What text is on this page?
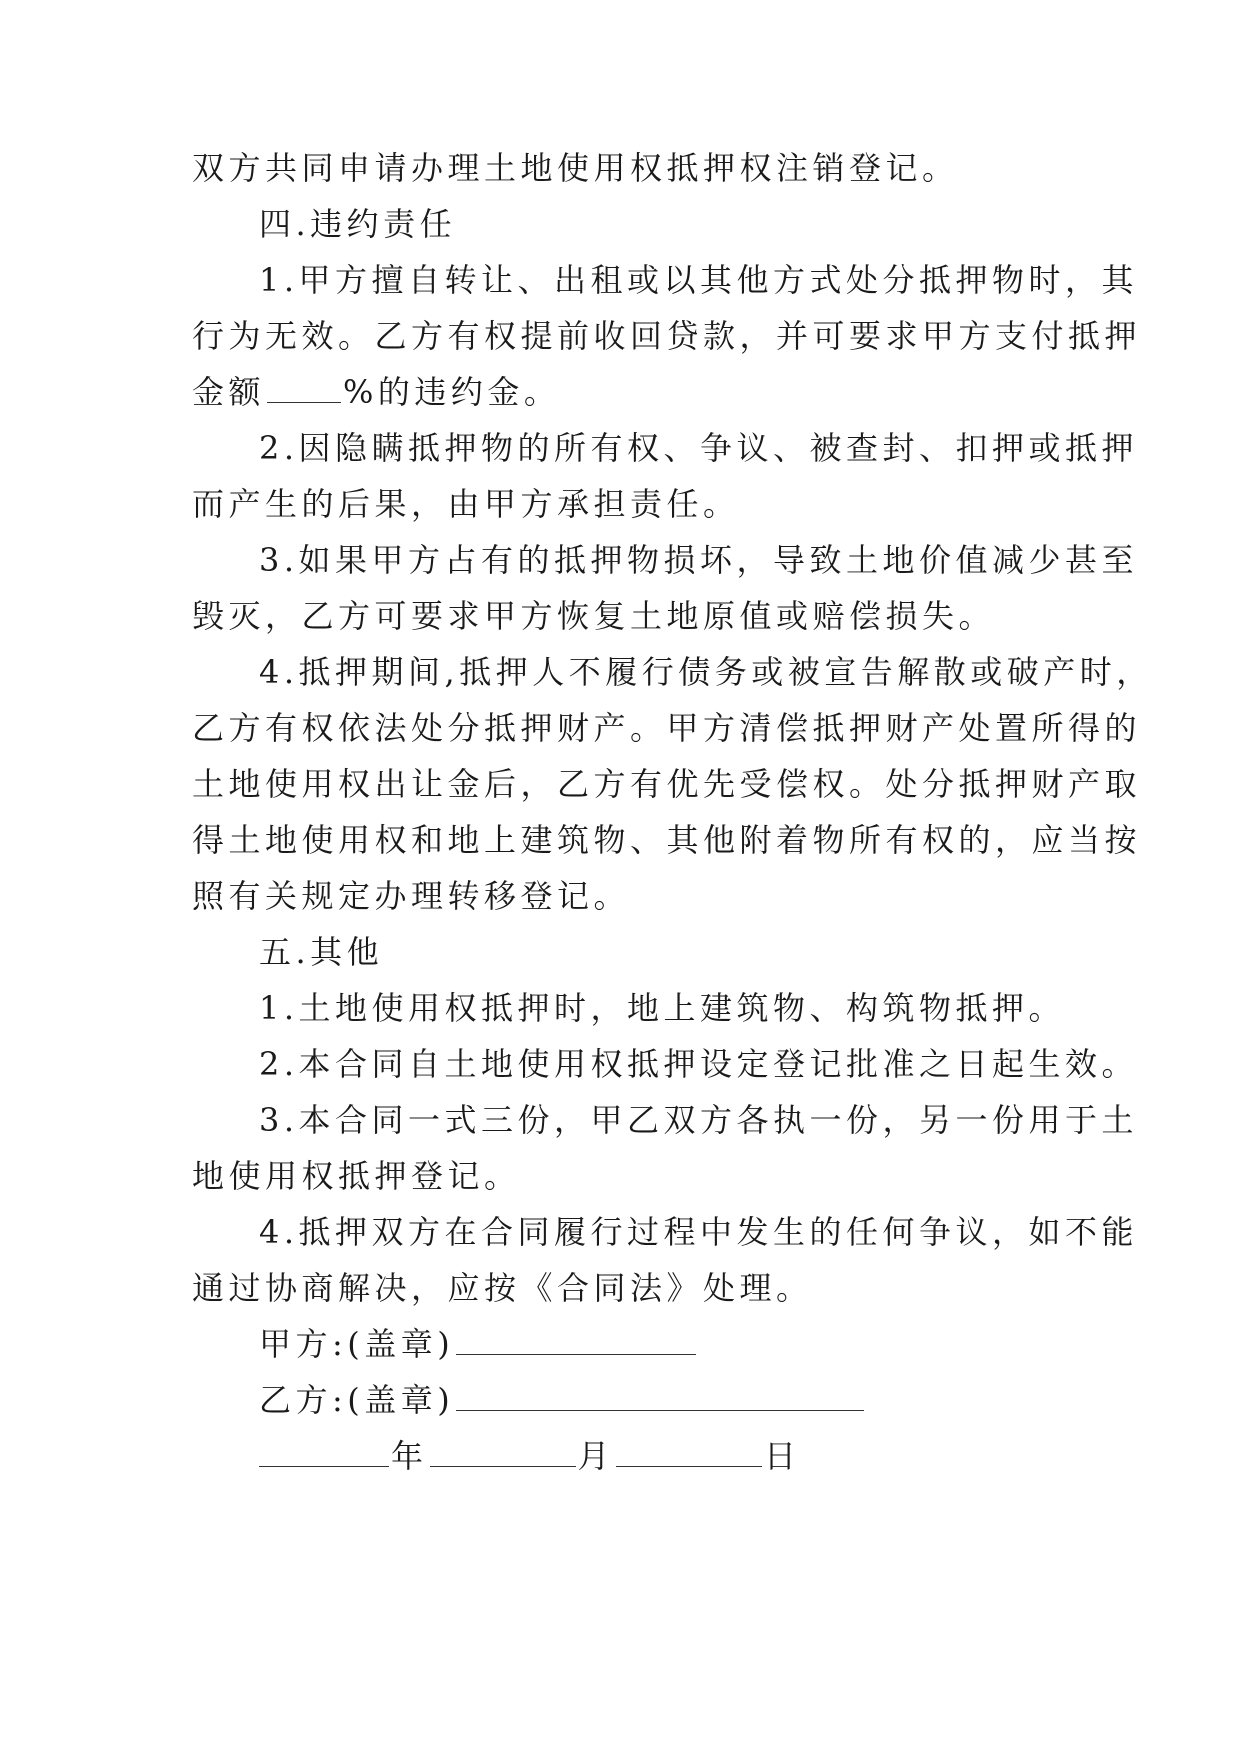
双方共同申请办理土地使用权抵押权注销登记。
四.违约责任
1.甲方擅自转让、出租或以其他方式处分抵押物时，其
行为无效。乙方有权提前收回贷款，并可要求甲方支付抵押
金额 %的违约金。
2.因隐瞒抵押物的所有权、争议、被查封、扣押或抵押
而产生的后果，由甲方承担责任。
3.如果甲方占有的抵押物损坏，导致土地价值减少甚至
毁灭，乙方可要求甲方恢复土地原值或赔偿损失。
4.抵押期间,抵押人不履行债务或被宣告解散或破产时，
乙方有权依法处分抵押财产。甲方清偿抵押财产处置所得的
土地使用权出让金后，乙方有优先受偿权。处分抵押财产取
得土地使用权和地上建筑物、其他附着物所有权的，应当按
照有关规定办理转移登记。
五.其他
1.土地使用权抵押时，地上建筑物、构筑物抵押。
2.本合同自土地使用权抵押设定登记批准之日起生效。
3.本合同一式三份，甲乙双方各执一份，另一份用于土
地使用权抵押登记。
4.抵押双方在合同履行过程中发生的任何争议，如不能
通过协商解决，应按《合同法》处理。
甲方:(盖章)
乙方:(盖章)
年	月	日
